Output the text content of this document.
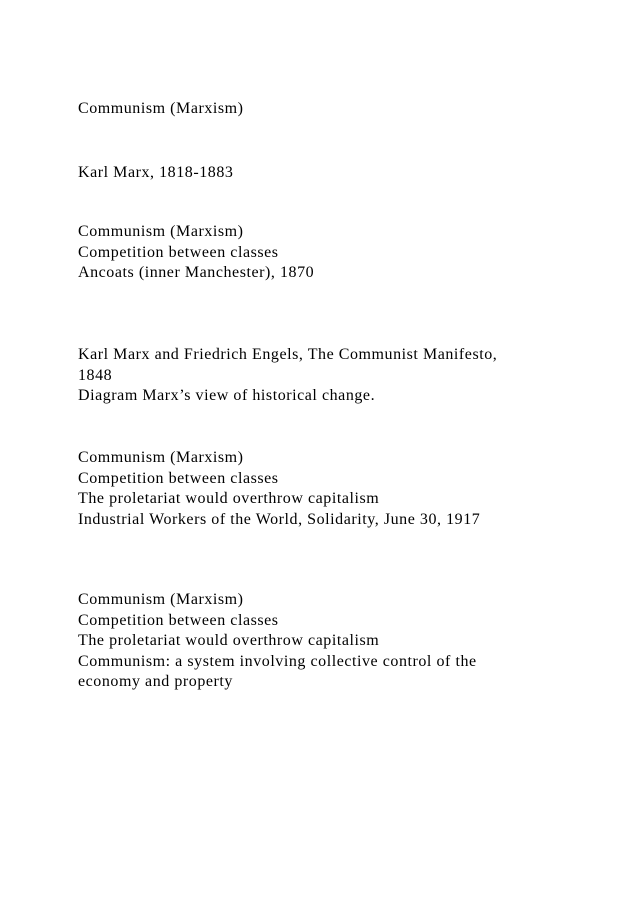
Communism (Marxism)
Karl Marx, 1818-1883
Communism (Marxism)
Competition between classes
Ancoats (inner Manchester), 1870
Karl Marx and Friedrich Engels, The Communist Manifesto,
1848
Diagram Marx’s view of historical change.
Communism (Marxism)
Competition between classes
The proletariat would overthrow capitalism
Industrial Workers of the World, Solidarity, June 30, 1917
Communism (Marxism)
Competition between classes
The proletariat would overthrow capitalism
Communism: a system involving collective control of the
economy and property
